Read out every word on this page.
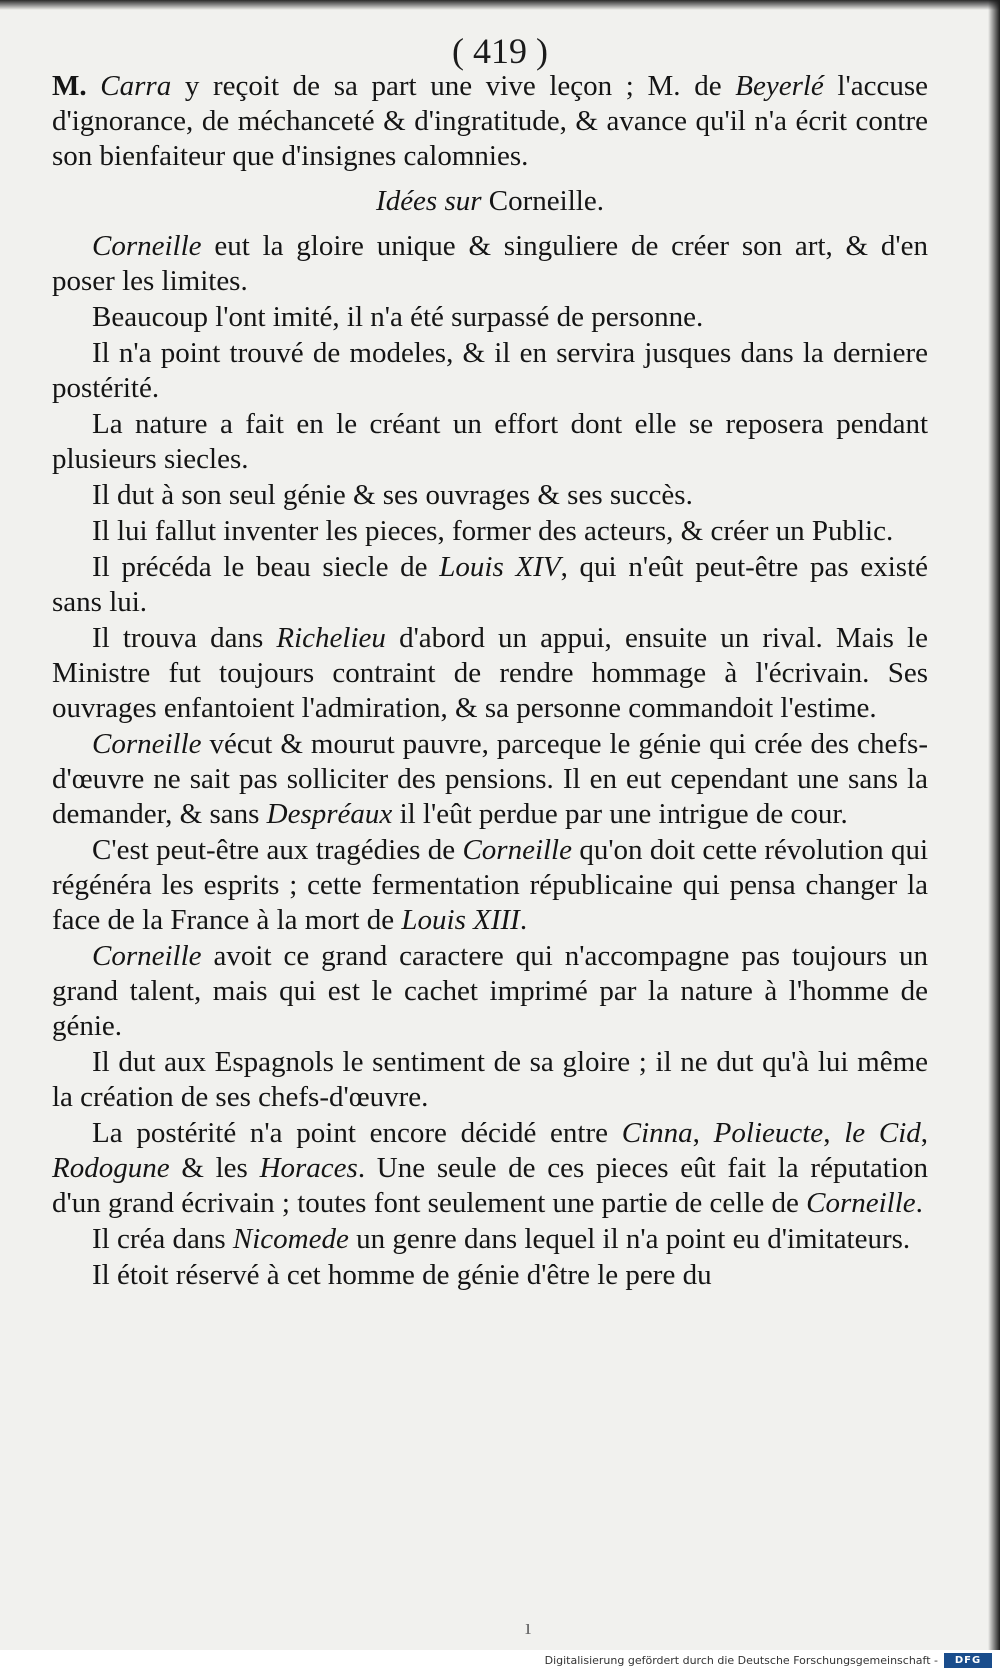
( 419 )

M. Carra y reçoit de sa part une vive leçon ; M. de Beyerlé l'accuse d'ignorance, de méchanceté & d'ingratitude, & avance qu'il n'a écrit contre son bienfaiteur que d'insignes calomnies.

Idées sur Corneille.

Corneille eut la gloire unique & singuliere de créer son art, & d'en poser les limites.

Beaucoup l'ont imité, il n'a été surpassé de personne.

Il n'a point trouvé de modeles, & il en servira jusques dans la derniere postérité.

La nature a fait en le créant un effort dont elle se reposera pendant plusieurs siecles.

Il dut à son seul génie & ses ouvrages & ses succès.

Il lui fallut inventer les pieces, former des acteurs, & créer un Public.

Il précéda le beau siecle de Louis XIV, qui n'eût peut-être pas existé sans lui.

Il trouva dans Richelieu d'abord un appui, ensuite un rival. Mais le Ministre fut toujours contraint de rendre hommage à l'écrivain. Ses ouvrages enfantoient l'admiration, & sa personne commandoit l'estime.

Corneille vécut & mourut pauvre, parceque le génie qui crée des chefs-d'œuvre ne sait pas solliciter des pensions. Il en eut cependant une sans la demander, & sans Despréaux il l'eût perdue par une intrigue de cour.

C'est peut-être aux tragédies de Corneille qu'on doit cette révolution qui régénéra les esprits ; cette fermentation républicaine qui pensa changer la face de la France à la mort de Louis XIII.

Corneille avoit ce grand caractere qui n'accompagne pas toujours un grand talent, mais qui est le cachet imprimé par la nature à l'homme de génie.

Il dut aux Espagnols le sentiment de sa gloire ; il ne dut qu'à lui même la création de ses chefs-d'œuvre.

La postérité n'a point encore décidé entre Cinna, Polieucte, le Cid, Rodogune & les Horaces. Une seule de ces pieces eût fait la réputation d'un grand écrivain ; toutes font seulement une partie de celle de Corneille.

Il créa dans Nicomede un genre dans lequel il n'a point eu d'imitateurs.

Il étoit réservé à cet homme de génie d'être le pere du

ı
Digitalisierung gefördert durch die Deutsche Forschungsgemeinschaft -	DFG
